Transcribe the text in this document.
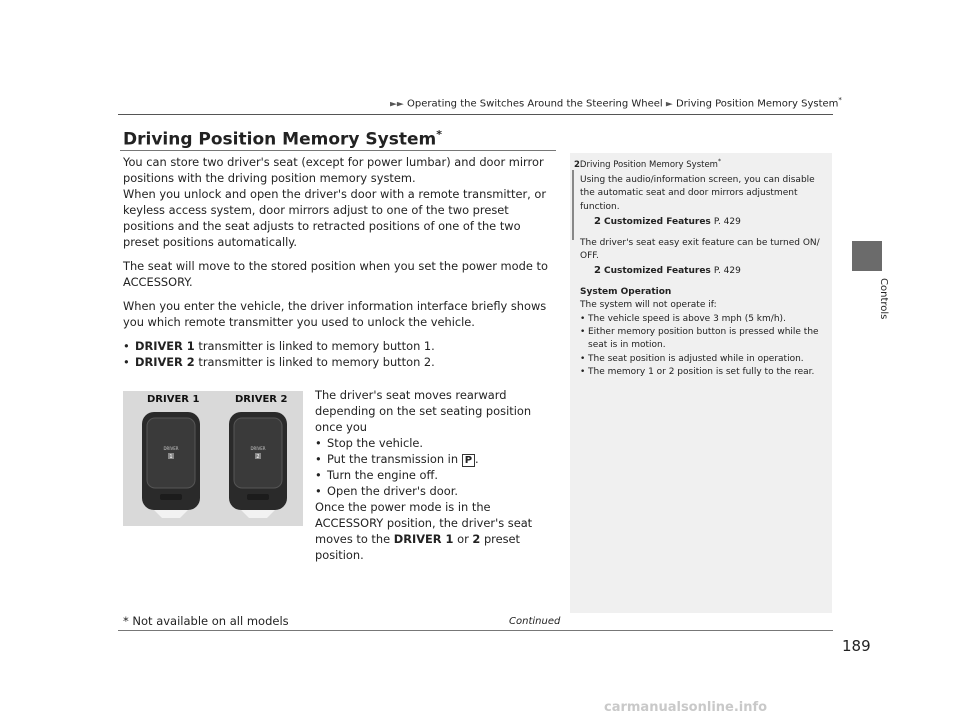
►► Operating the Switches Around the Steering Wheel ► Driving Position Memory System*
Driving Position Memory System*

You can store two driver's seat (except for power lumbar) and door mirror positions with the driving position memory system.
When you unlock and open the driver's door with a remote transmitter, or keyless access system, door mirrors adjust to one of the two preset positions and the seat adjusts to retracted positions of one of the two preset positions automatically.

The seat will move to the stored position when you set the power mode to ACCESSORY.

When you enter the vehicle, the driver information interface briefly shows you which remote transmitter you used to unlock the vehicle.

• DRIVER 1 transmitter is linked to memory button 1.
• DRIVER 2 transmitter is linked to memory button 2.
DRIVER 1	DRIVER 2
DRIVER
1
DRIVER
2

The driver's seat moves rearward depending on the set seating position once you

• Stop the vehicle.
• Put the transmission in P .
• Turn the engine off.
• Open the driver's door.

Once the power mode is in the ACCESSORY position, the driver's seat moves to the DRIVER 1 or 2 preset position.

2Driving Position Memory System*

Using the audio/information screen, you can disable the automatic seat and door mirrors adjustment function.
2 Customized Features P. 429

The driver's seat easy exit feature can be turned ON/ OFF.
2 Customized Features P. 429

System Operation
The system will not operate if:
• The vehicle speed is above 3 mph (5 km/h).
• Either memory position button is pressed while the seat is in motion.
• The seat position is adjusted while in operation.
• The memory 1 or 2 position is set fully to the rear.
Controls
* Not available on all models	Continued
189
carmanualsonline.info
